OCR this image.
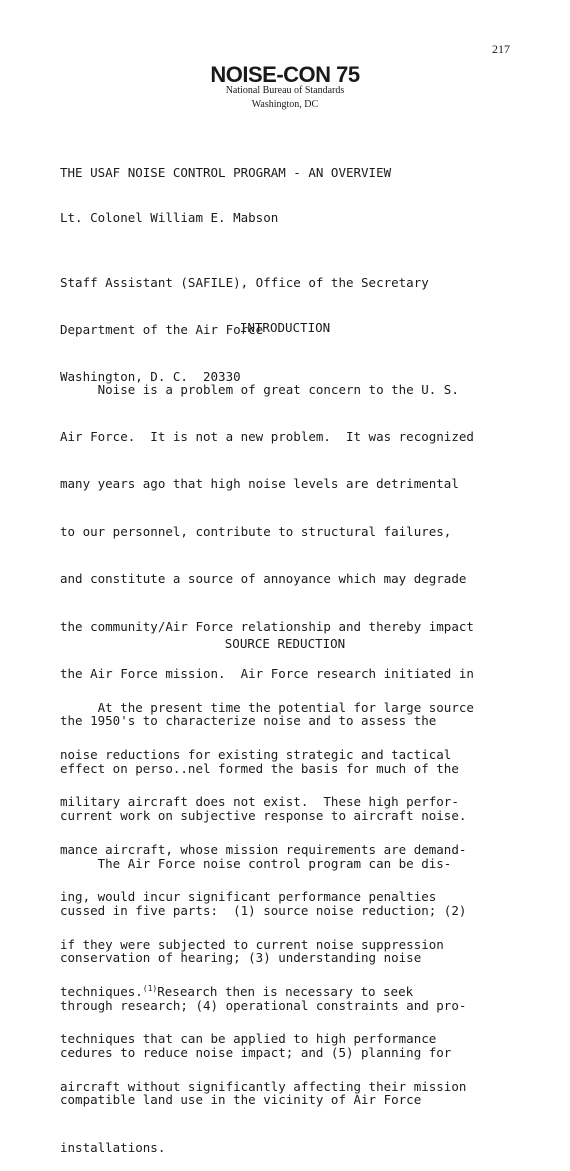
217
NOISE-CON 75
National Bureau of Standards
Washington, DC
THE USAF NOISE CONTROL PROGRAM - AN OVERVIEW
Lt. Colonel William E. Mabson

Staff Assistant (SAFILE), Office of the Secretary

Department of the Air Force

Washington, D. C.  20330

INTRODUCTION

Noise is a problem of great concern to the U. S.

Air Force.  It is not a new problem.  It was recognized

many years ago that high noise levels are detrimental

to our personnel, contribute to structural failures,

and constitute a source of annoyance which may degrade

the community/Air Force relationship and thereby impact

the Air Force mission.  Air Force research initiated in

the 1950's to characterize noise and to assess the

effect on perso..nel formed the basis for much of the

current work on subjective response to aircraft noise.

The Air Force noise control program can be dis-

cussed in five parts:  (1) source noise reduction; (2)

conservation of hearing; (3) understanding noise

through research; (4) operational constraints and pro-

cedures to reduce noise impact; and (5) planning for

compatible land use in the vicinity of Air Force

installations.

SOURCE REDUCTION

At the present time the potential for large source

noise reductions for existing strategic and tactical

military aircraft does not exist.  These high perfor-

mance aircraft, whose mission requirements are demand-

ing, would incur significant performance penalties

if they were subjected to current noise suppression

techniques.$^{(1)}$Research then is necessary to seek

techniques that can be applied to high performance

aircraft without significantly affecting their mission
